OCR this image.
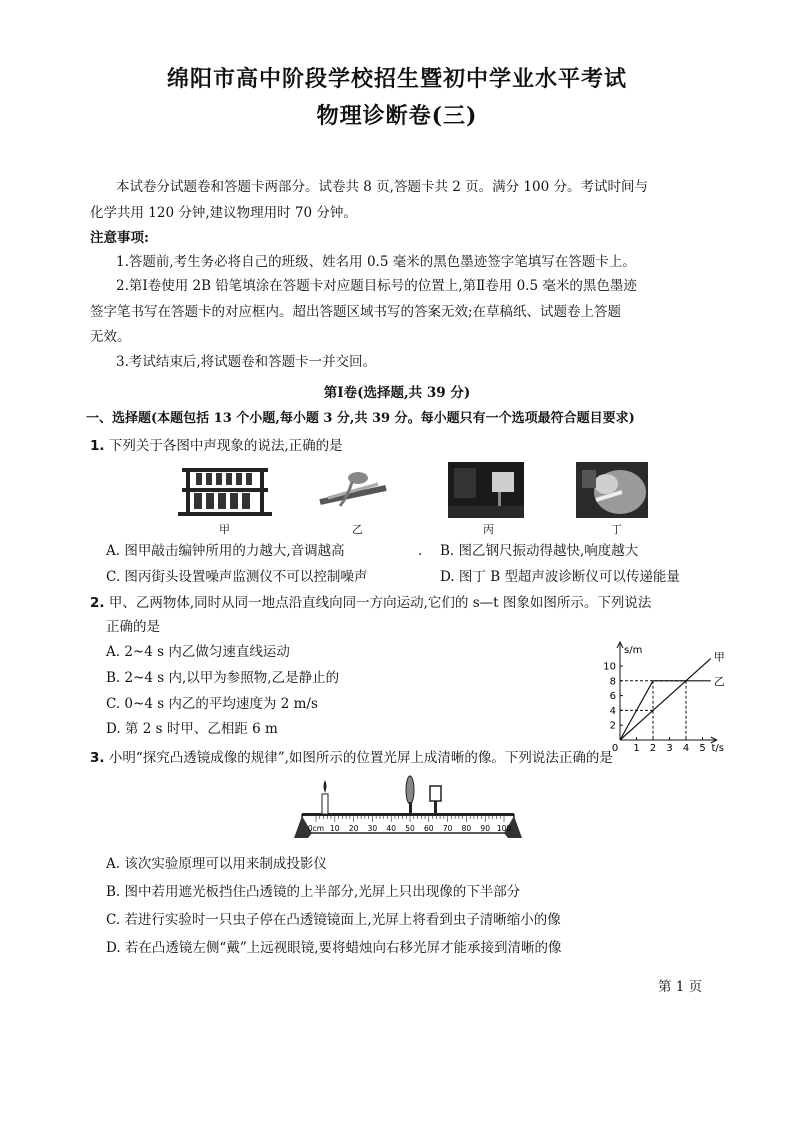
绵阳市高中阶段学校招生暨初中学业水平考试
物理诊断卷(三)
本试卷分试题卷和答题卡两部分。试卷共 8 页,答题卡共 2 页。满分 100 分。考试时间与
化学共用 120 分钟,建议物理用时 70 分钟。
注意事项:
1.答题前,考生务必将自己的班级、姓名用 0.5 毫米的黑色墨迹签字笔填写在答题卡上。
2.第Ⅰ卷使用 2B 铅笔填涂在答题卡对应题目标号的位置上,第Ⅱ卷用 0.5 毫米的黑色墨迹
签字笔书写在答题卡的对应框内。超出答题区域书写的答案无效;在草稿纸、试题卷上答题
无效。
3.考试结束后,将试题卷和答题卡一并交回。
第Ⅰ卷(选择题,共 39 分)
一、选择题(本题包括 13 个小题,每小题 3 分,共 39 分。每小题只有一个选项最符合题目要求)
1. 下列关于各图中声现象的说法,正确的是
甲	乙	丙	丁
A. 图甲敲击编钟所用的力越大,音调越高	. B. 图乙钢尺振动得越快,响度越大
C. 图丙街头设置噪声监测仪不可以控制噪声	D. 图丁 B 型超声波诊断仪可以传递能量
2. 甲、乙两物体,同时从同一地点沿直线向同一方向运动,它们的 s—t 图象如图所示。下列说法
正确的是
A. 2~4 s 内乙做匀速直线运动
B. 2~4 s 内,以甲为参照物,乙是静止的
C. 0~4 s 内乙的平均速度为 2 m/s
D. 第 2 s 时甲、乙相距 6 m	2
4
6
8
10
1 2 3 4 5
0
s/m
t/s
甲
乙
3. 小明“探究凸透镜成像的规律”,如图所示的位置光屏上成清晰的像。下列说法正确的是
0cm 10 20 30 40 50 60 70 80 90 100
A. 该次实验原理可以用来制成投影仪
B. 图中若用遮光板挡住凸透镜的上半部分,光屏上只出现像的下半部分
C. 若进行实验时一只虫子停在凸透镜镜面上,光屏上将看到虫子清晰缩小的像
D. 若在凸透镜左侧“戴”上远视眼镜,要将蜡烛向右移光屏才能承接到清晰的像
第 1 页
